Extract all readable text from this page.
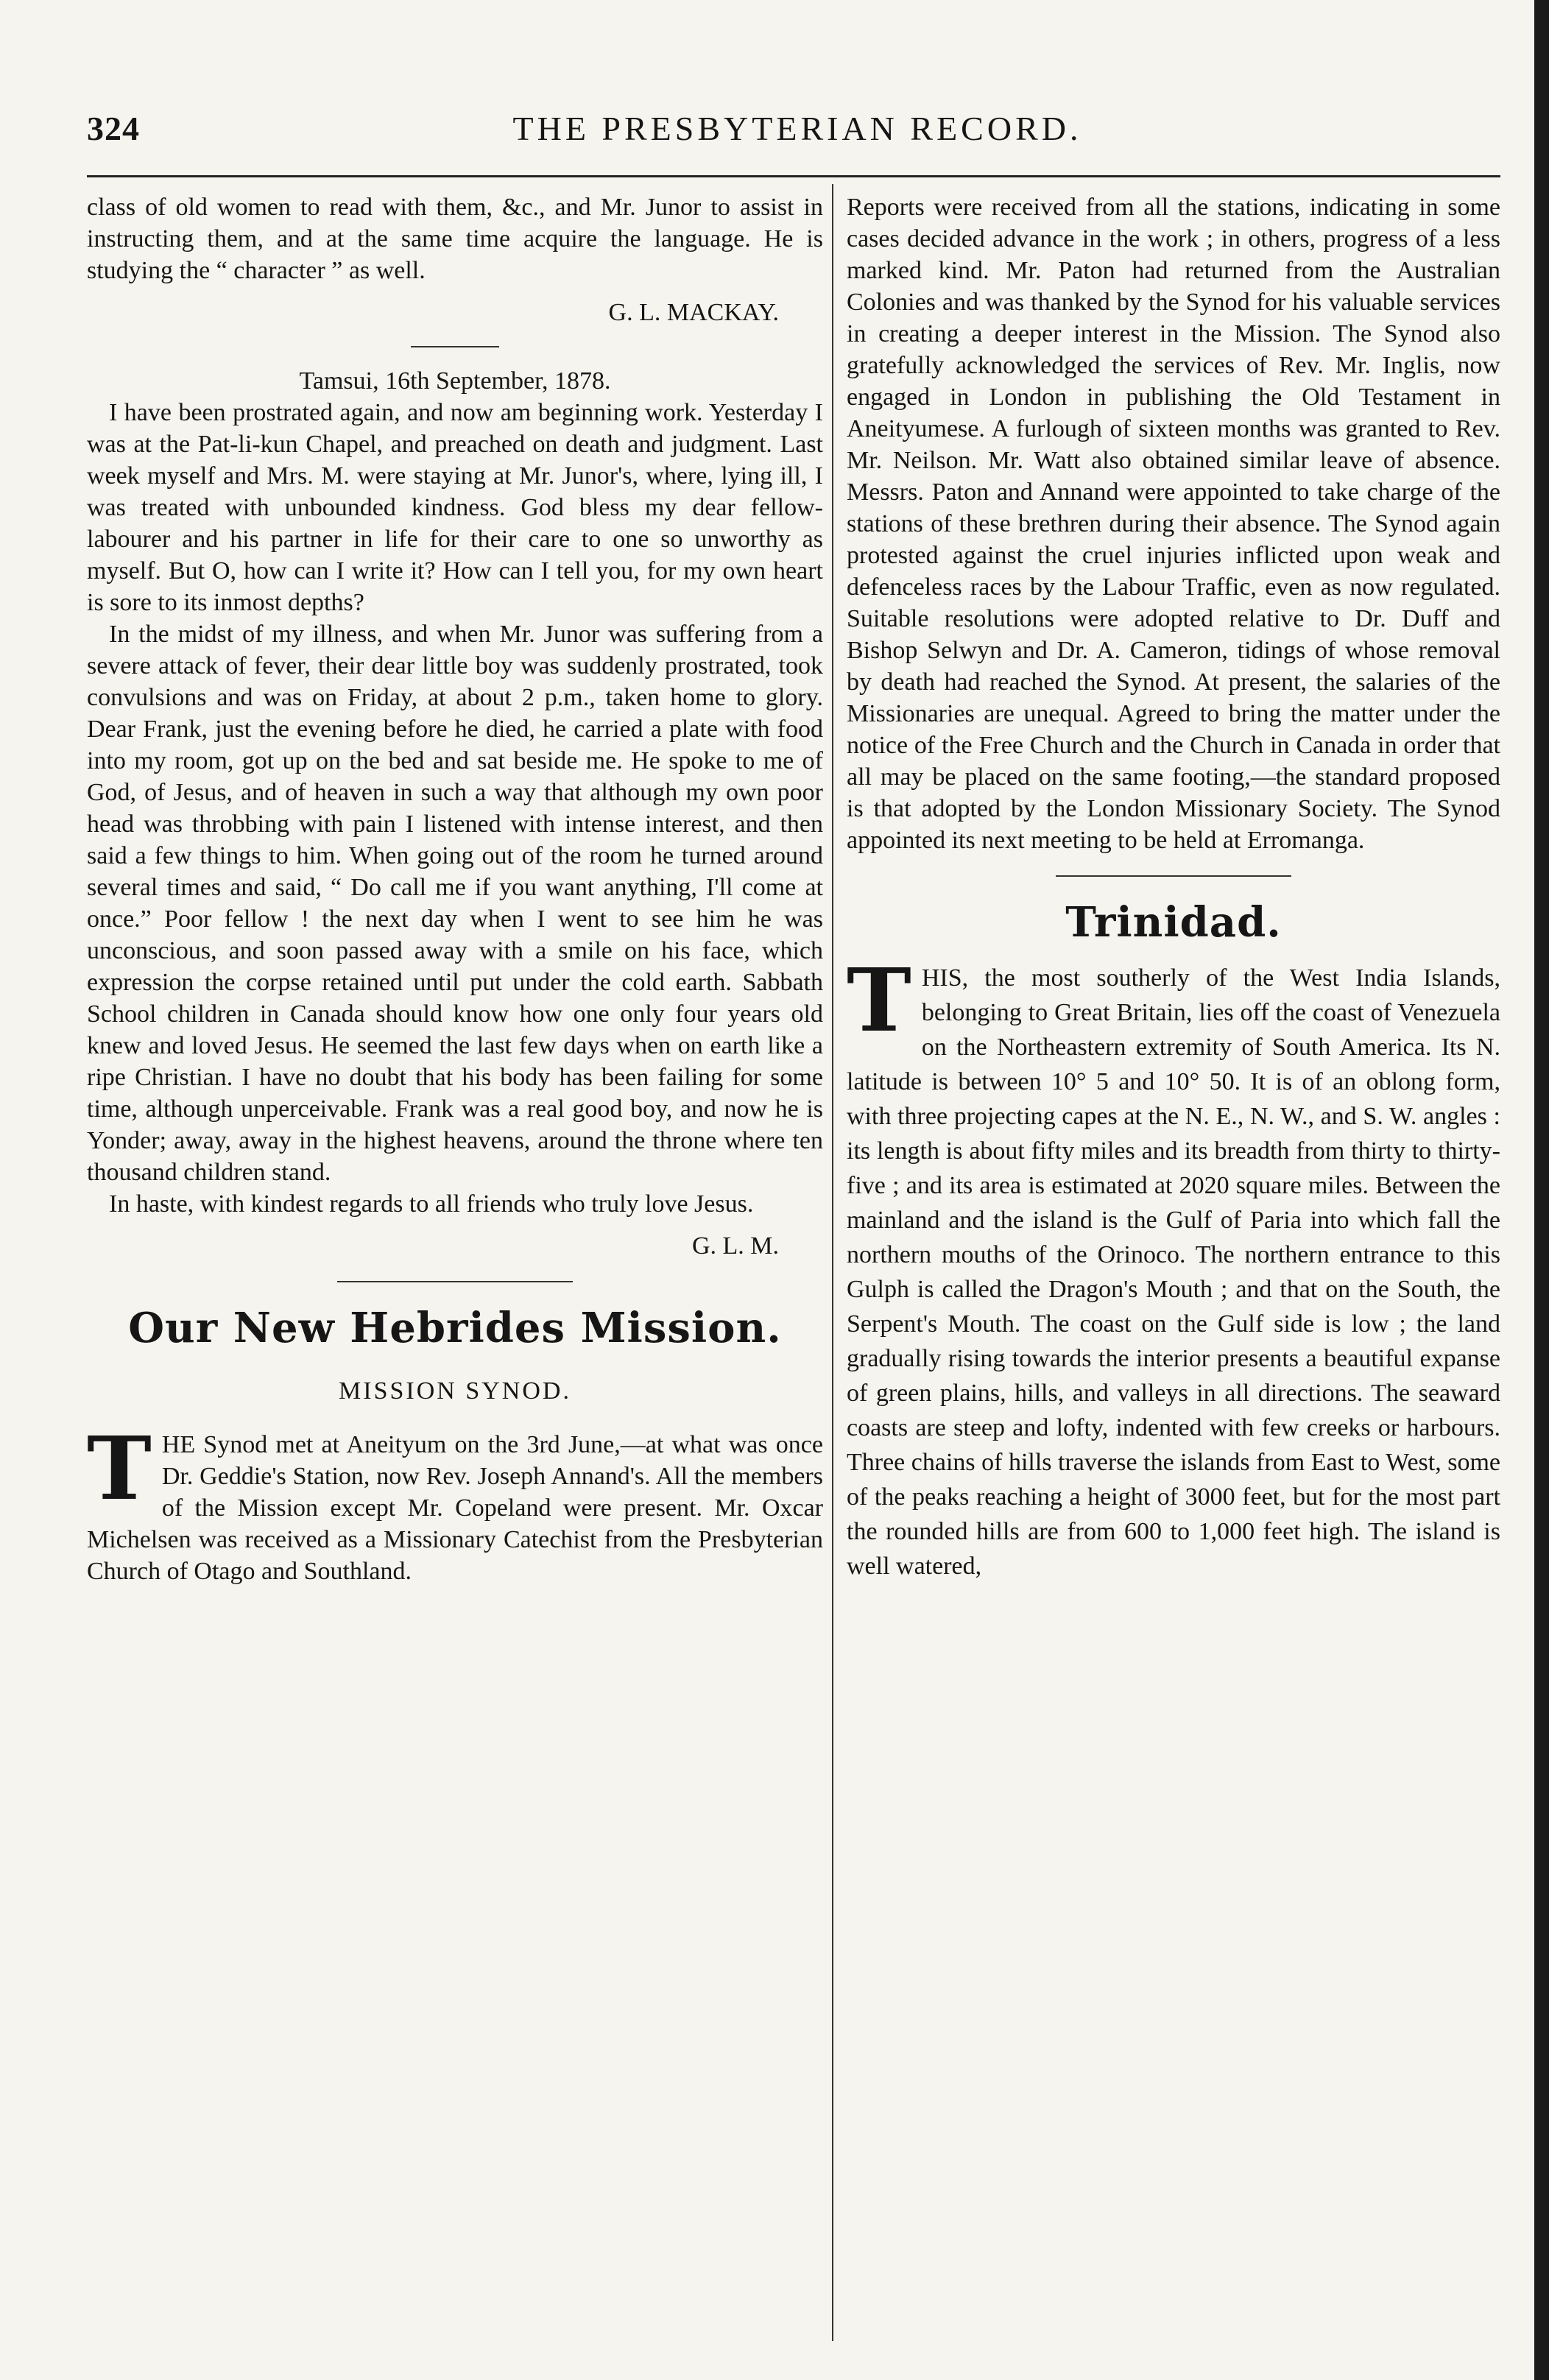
324	THE PRESBYTERIAN RECORD.

class of old women to read with them, &c., and Mr. Junor to assist in instructing them, and at the same time acquire the language. He is studying the “ character ” as well.

G. L. MACKAY.

Tamsui, 16th September, 1878.

I have been prostrated again, and now am beginning work. Yesterday I was at the Pat-li-kun Chapel, and preached on death and judgment. Last week myself and Mrs. M. were staying at Mr. Junor's, where, lying ill, I was treated with unbounded kindness. God bless my dear fellow-labourer and his partner in life for their care to one so unworthy as myself. But O, how can I write it? How can I tell you, for my own heart is sore to its inmost depths?

In the midst of my illness, and when Mr. Junor was suffering from a severe attack of fever, their dear little boy was suddenly prostrated, took convulsions and was on Friday, at about 2 p.m., taken home to glory. Dear Frank, just the evening before he died, he carried a plate with food into my room, got up on the bed and sat beside me. He spoke to me of God, of Jesus, and of heaven in such a way that although my own poor head was throbbing with pain I listened with intense interest, and then said a few things to him. When going out of the room he turned around several times and said, “ Do call me if you want anything, I'll come at once.” Poor fellow ! the next day when I went to see him he was unconscious, and soon passed away with a smile on his face, which expression the corpse retained until put under the cold earth. Sabbath School children in Canada should know how one only four years old knew and loved Jesus. He seemed the last few days when on earth like a ripe Christian. I have no doubt that his body has been failing for some time, although unperceivable. Frank was a real good boy, and now he is Yonder; away, away in the highest heavens, around the throne where ten thousand children stand.

In haste, with kindest regards to all friends who truly love Jesus.

G. L. M.

Our New Hebrides Mission.
MISSION SYNOD.

THE Synod met at Aneityum on the 3rd June,—at what was once Dr. Geddie's Station, now Rev. Joseph Annand's. All the members of the Mission except Mr. Copeland were present. Mr. Oxcar Michelsen was received as a Missionary Catechist from the Presbyterian Church of Otago and Southland.

Reports were received from all the stations, indicating in some cases decided advance in the work ; in others, progress of a less marked kind. Mr. Paton had returned from the Australian Colonies and was thanked by the Synod for his valuable services in creating a deeper interest in the Mission. The Synod also gratefully acknowledged the services of Rev. Mr. Inglis, now engaged in London in publishing the Old Testament in Aneityumese. A furlough of sixteen months was granted to Rev. Mr. Neilson. Mr. Watt also obtained similar leave of absence. Messrs. Paton and Annand were appointed to take charge of the stations of these brethren during their absence. The Synod again protested against the cruel injuries inflicted upon weak and defenceless races by the Labour Traffic, even as now regulated. Suitable resolutions were adopted relative to Dr. Duff and Bishop Selwyn and Dr. A. Cameron, tidings of whose removal by death had reached the Synod. At present, the salaries of the Missionaries are unequal. Agreed to bring the matter under the notice of the Free Church and the Church in Canada in order that all may be placed on the same footing,—the standard proposed is that adopted by the London Missionary Society. The Synod appointed its next meeting to be held at Erromanga.

Trinidad.

THIS, the most southerly of the West India Islands, belonging to Great Britain, lies off the coast of Venezuela on the Northeastern extremity of South America. Its N. latitude is between 10° 5 and 10° 50. It is of an oblong form, with three projecting capes at the N. E., N. W., and S. W. angles : its length is about fifty miles and its breadth from thirty to thirty-five ; and its area is estimated at 2020 square miles. Between the mainland and the island is the Gulf of Paria into which fall the northern mouths of the Orinoco. The northern entrance to this Gulph is called the Dragon's Mouth ; and that on the South, the Serpent's Mouth. The coast on the Gulf side is low ; the land gradually rising towards the interior presents a beautiful expanse of green plains, hills, and valleys in all directions. The seaward coasts are steep and lofty, indented with few creeks or harbours. Three chains of hills traverse the islands from East to West, some of the peaks reaching a height of 3000 feet, but for the most part the rounded hills are from 600 to 1,000 feet high. The island is well watered,
